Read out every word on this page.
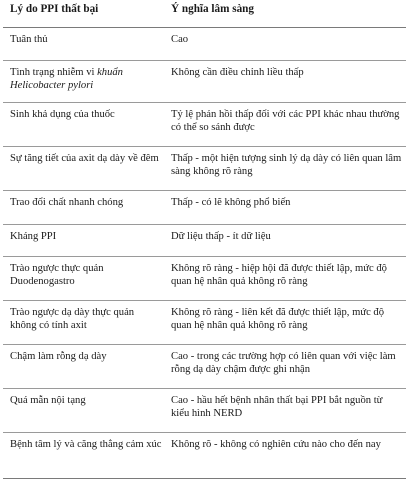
Lý do PPI thất bại	Ý nghĩa lâm sàng
Tuân thủ	Cao
Tình trạng nhiễm vi khuẩn Helicobacter pylori	Không cần điều chỉnh liều thấp
Sinh khả dụng của thuốc	Tỷ lệ phản hồi thấp đối với các PPI khác nhau thường có thể so sánh được
Sự tăng tiết của axit dạ dày về đêm	Thấp - một hiện tượng sinh lý dạ dày có liên quan lâm sàng không rõ ràng
Trao đổi chất nhanh chóng	Thấp - có lẽ không phổ biến
Kháng PPI	Dữ liệu thấp - ít dữ liệu
Trào ngược thực quản Duodenogastro	Không rõ ràng - hiệp hội đã được thiết lập, mức độ quan hệ nhân quả không rõ ràng
Trào ngược dạ dày thực quản không có tính axit	Không rõ ràng - liên kết đã được thiết lập, mức độ quan hệ nhân quả không rõ ràng
Chậm làm rỗng dạ dày	Cao - trong các trường hợp có liên quan với việc làm rỗng dạ dày chậm được ghi nhận
Quá mẫn nội tạng	Cao - hầu hết bệnh nhân thất bại PPI bắt nguồn từ kiểu hình NERD
Bệnh tâm lý và căng thẳng cảm xúc	Không rõ - không có nghiên cứu nào cho đến nay
